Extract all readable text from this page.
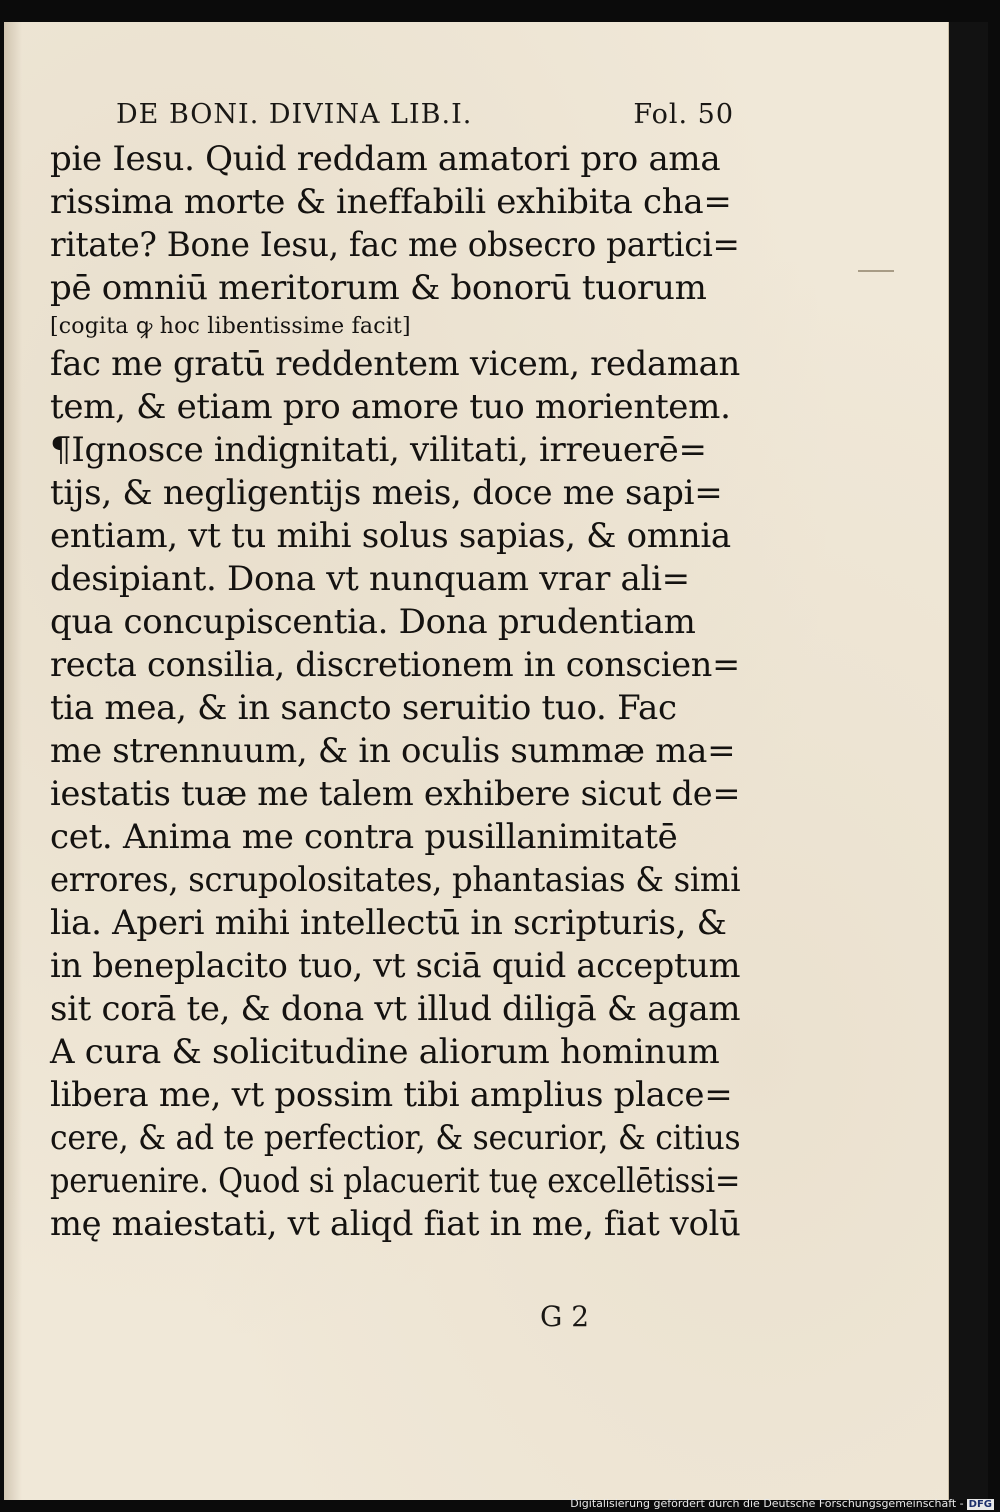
DE BONI. DIVINA LIB.I.	Fol. 50
pie Iesu. Quid reddam amatori pro ama
rissima morte & ineffabili exhibita cha=
ritate? Bone Iesu, fac me obsecro partici=
pē omniū meritorum & bonorū tuorum
[cogita ꝙ hoc libentissime facit]
fac me gratū reddentem vicem, redaman
tem, & etiam pro amore tuo morientem.
¶Ignosce indignitati, vilitati, irreuerē=
tijs, & negligentijs meis, doce me sapi=
entiam, vt tu mihi solus sapias, & omnia
desipiant. Dona vt nunquam vrar ali=
qua concupiscentia. Dona prudentiam
recta consilia, discretionem in conscien=
tia mea, & in sancto seruitio tuo. Fac
me strennuum, & in oculis summæ ma=
iestatis tuæ me talem exhibere sicut de=
cet. Anima me contra pusillanimitatē
errores, scrupolositates, phantasias & simi
lia. Aperi mihi intellectū in scripturis, &
in beneplacito tuo, vt sciā quid acceptum
sit corā te, & dona vt illud diligā & agam
A cura & solicitudine aliorum hominum
libera me, vt possim tibi amplius place=
cere, & ad te perfectior, & securior, & citius
peruenire. Quod si placuerit tuę excellētissi=
mę maiestati, vt aliqd fiat in me, fiat volū
G 2
Digitalisierung gefördert durch die Deutsche Forschungsgemeinschaft - DFG
